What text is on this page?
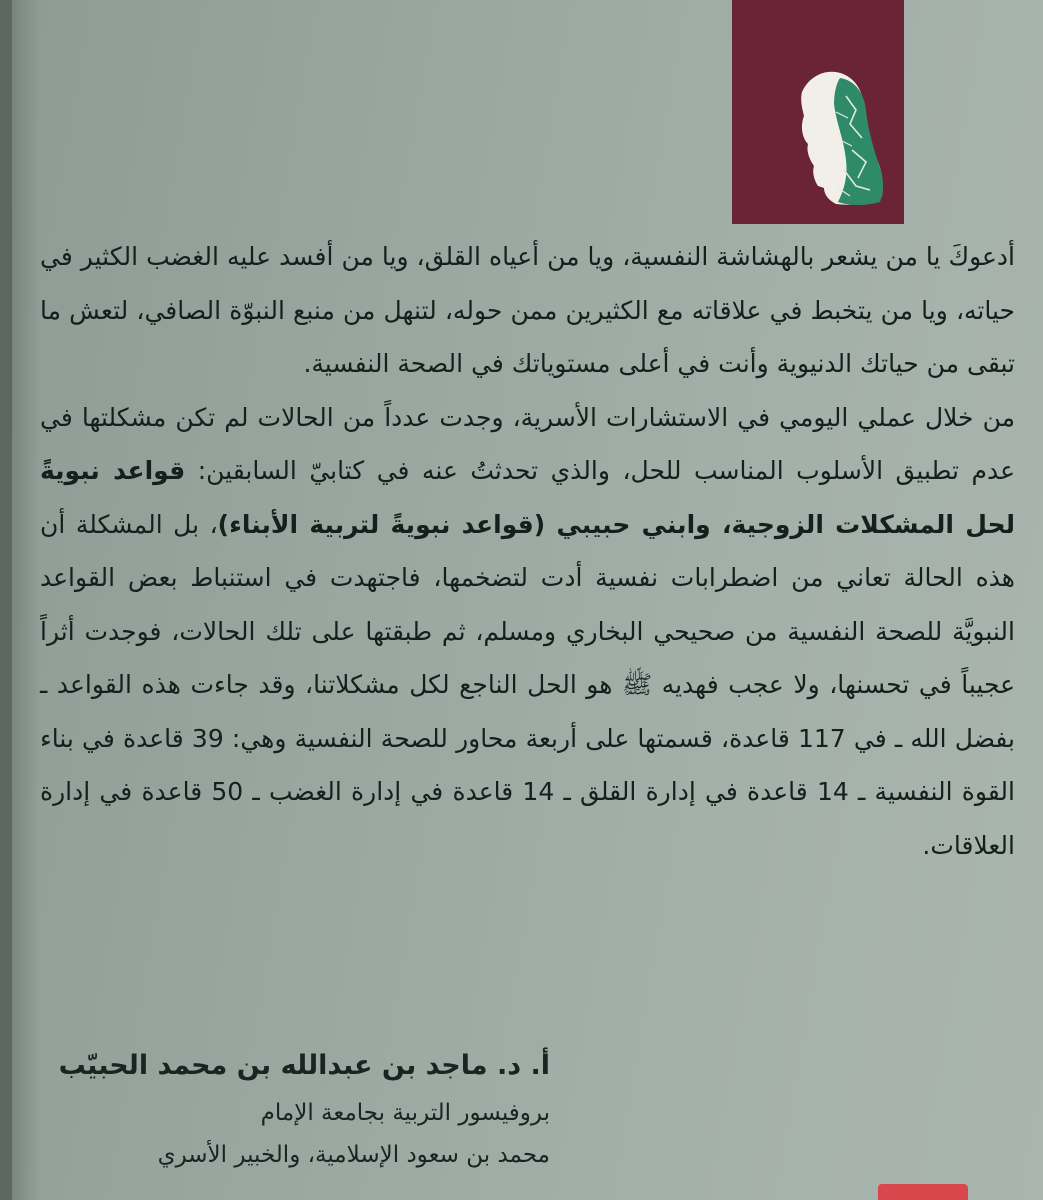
أدعوكَ يا من يشعر بالهشاشة النفسية، ويا من أعياه القلق، ويا من أفسد عليه الغضب الكثير في حياته، ويا من يتخبط في علاقاته مع الكثيرين ممن حوله، لتنهل من منبع النبوّة الصافي، لتعش ما تبقى من حياتك الدنيوية وأنت في أعلى مستوياتك في الصحة النفسية.

من خلال عملي اليومي في الاستشارات الأسرية، وجدت عدداً من الحالات لم تكن مشكلتها في عدم تطبيق الأسلوب المناسب للحل، والذي تحدثتُ عنه في كتابيّ السابقين: قواعد نبويةً لحل المشكلات الزوجية، وابني حبيبي (قواعد نبويةً لتربية الأبناء)، بل المشكلة أن هذه الحالة تعاني من اضطرابات نفسية أدت لتضخمها، فاجتهدت في استنباط بعض القواعد النبويَّة للصحة النفسية من صحيحي البخاري ومسلم، ثم طبقتها على تلك الحالات، فوجدت أثراً عجيباً في تحسنها، ولا عجب فهديه ﷺ هو الحل الناجع لكل مشكلاتنا، وقد جاءت هذه القواعد ـ بفضل الله ـ في 117 قاعدة، قسمتها على أربعة محاور للصحة النفسية وهي: 39 قاعدة في بناء القوة النفسية ـ 14 قاعدة في إدارة القلق ـ 14 قاعدة في إدارة الغضب ـ 50 قاعدة في إدارة العلاقات.

أ. د. ماجد بن عبدالله بن محمد الحبيّب
بروفيسور التربية بجامعة الإمام
محمد بن سعود الإسلامية، والخبير الأسري
